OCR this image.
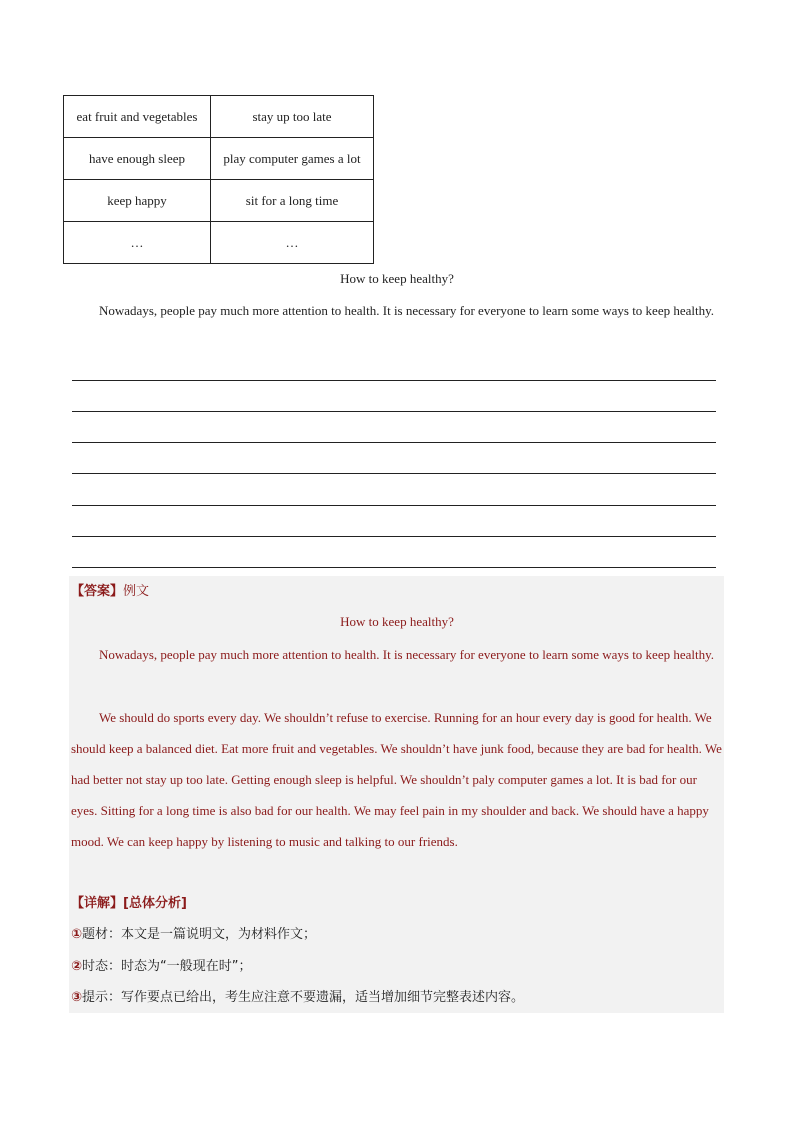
eat fruit and vegetables	stay up too late
have enough sleep	play computer games a lot
keep happy	sit for a long time
…	…
How to keep healthy?
Nowadays, people pay much more attention to health. It is necessary for everyone to learn some ways to keep healthy.
【答案】例文
How to keep healthy?
Nowadays, people pay much more attention to health. It is necessary for everyone to learn some ways to keep healthy.
We should do sports every day. We shouldn’t refuse to exercise. Running for an hour every day is good for health. We should keep a balanced diet. Eat more fruit and vegetables. We shouldn’t have junk food, because they are bad for health. We had better not stay up too late. Getting enough sleep is helpful. We shouldn’t paly computer games a lot. It is bad for our eyes. Sitting for a long time is also bad for our health. We may feel pain in my shoulder and back. We should have a happy mood. We can keep happy by listening to music and talking to our friends.
【详解】[总体分析]
①题材：本文是一篇说明文，为材料作文；
②时态：时态为“一般现在时”；
③提示：写作要点已给出，考生应注意不要遗漏，适当增加细节完整表述内容。
